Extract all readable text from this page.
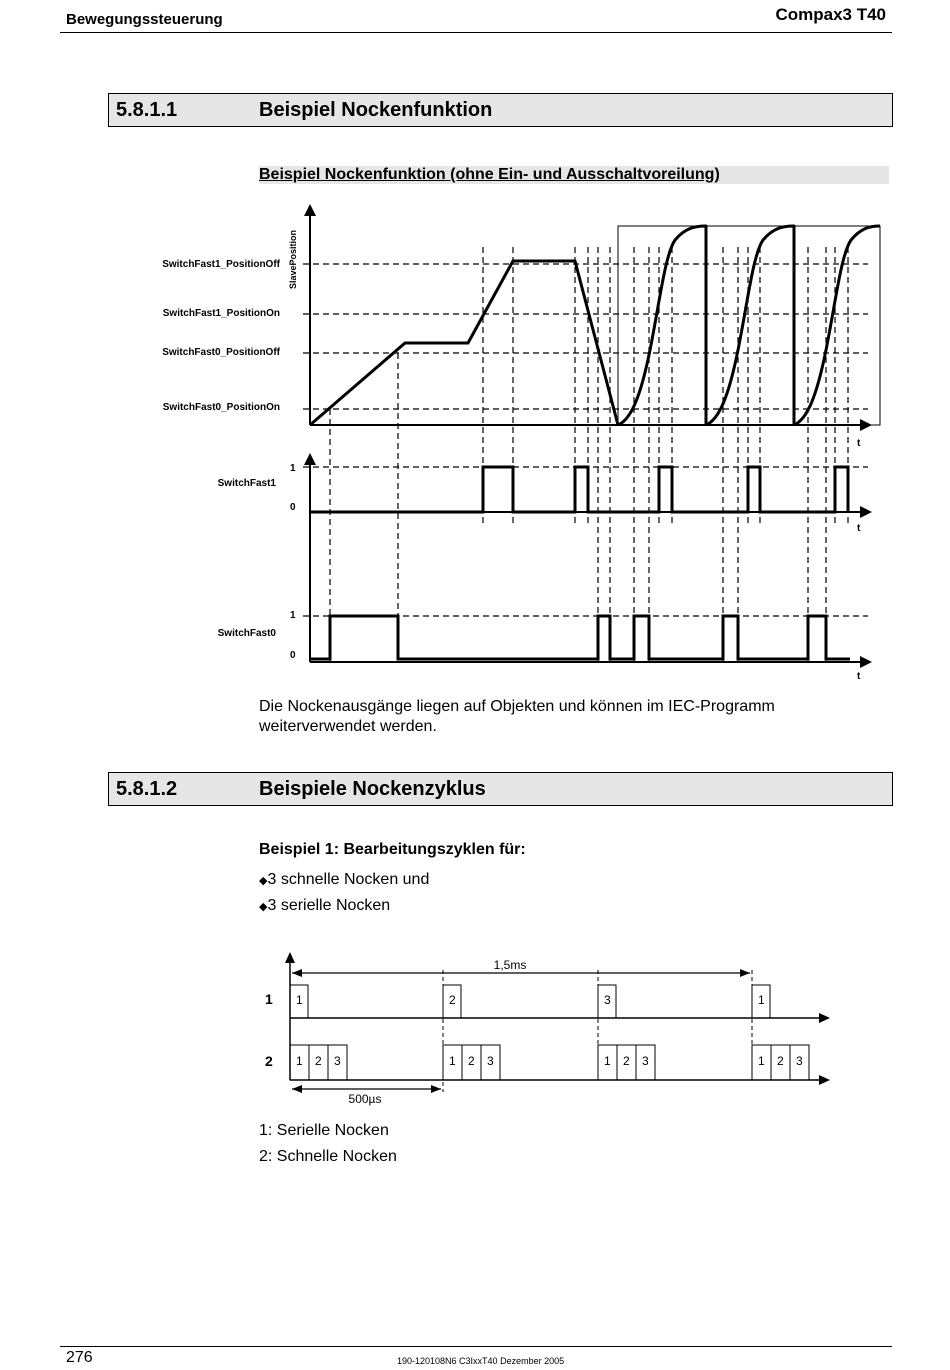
Bewegungssteuerung	Compax3 T40
5.8.1.1	Beispiel Nockenfunktion
Beispiel Nockenfunktion (ohne Ein- und Ausschaltvoreilung)
SwitchFast1_PositionOff
SwitchFast1_PositionOn
SwitchFast0_PositionOff
SwitchFast0_PositionOn
SlavePosition
SwitchFast1
SwitchFast0
1
0
1
0
t
t
t
Die Nockenausgänge liegen auf Objekten und können im IEC-Programm weiterverwendet werden.
5.8.1.2	Beispiele Nockenzyklus
Beispiel 1: Bearbeitungszyklen für:
◆3 schnelle Nocken und
◆3 serielle Nocken
1,5ms
500µs
1
2
1	2	3	1
1 2 3	1 2 3	1 2 3	1 2 3
1: Serielle Nocken
2: Schnelle Nocken
276	190-120108N6 C3IxxT40 Dezember 2005
